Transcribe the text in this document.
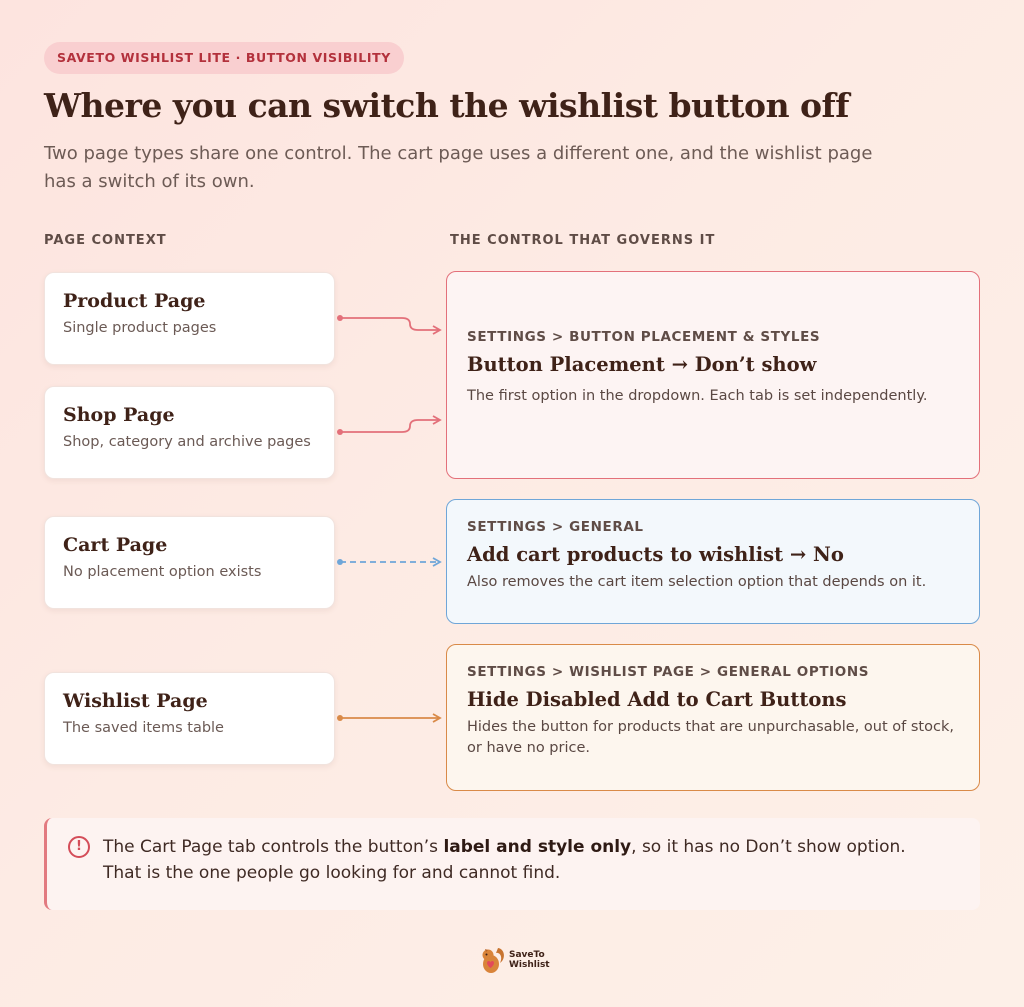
SAVETO WISHLIST LITE · BUTTON VISIBILITY
Where you can switch the wishlist button off
Two page types share one control. The cart page uses a different one, and the wishlist page has a switch of its own.
PAGE CONTEXT	THE CONTROL THAT GOVERNS IT
Product Page
Single product pages
Shop Page
Shop, category and archive pages
Cart Page
No placement option exists
Wishlist Page
The saved items table
SETTINGS > BUTTON PLACEMENT & STYLES
Button Placement → Don’t show
The first option in the dropdown. Each tab is set independently.
SETTINGS > GENERAL
Add cart products to wishlist → No
Also removes the cart item selection option that depends on it.
SETTINGS > WISHLIST PAGE > GENERAL OPTIONS
Hide Disabled Add to Cart Buttons
Hides the button for products that are unpurchasable, out of stock, or have no price.
!	The Cart Page tab controls the button’s label and style only, so it has no Don’t show option. That is the one people go looking for and cannot find.
SaveTo
Wishlist
